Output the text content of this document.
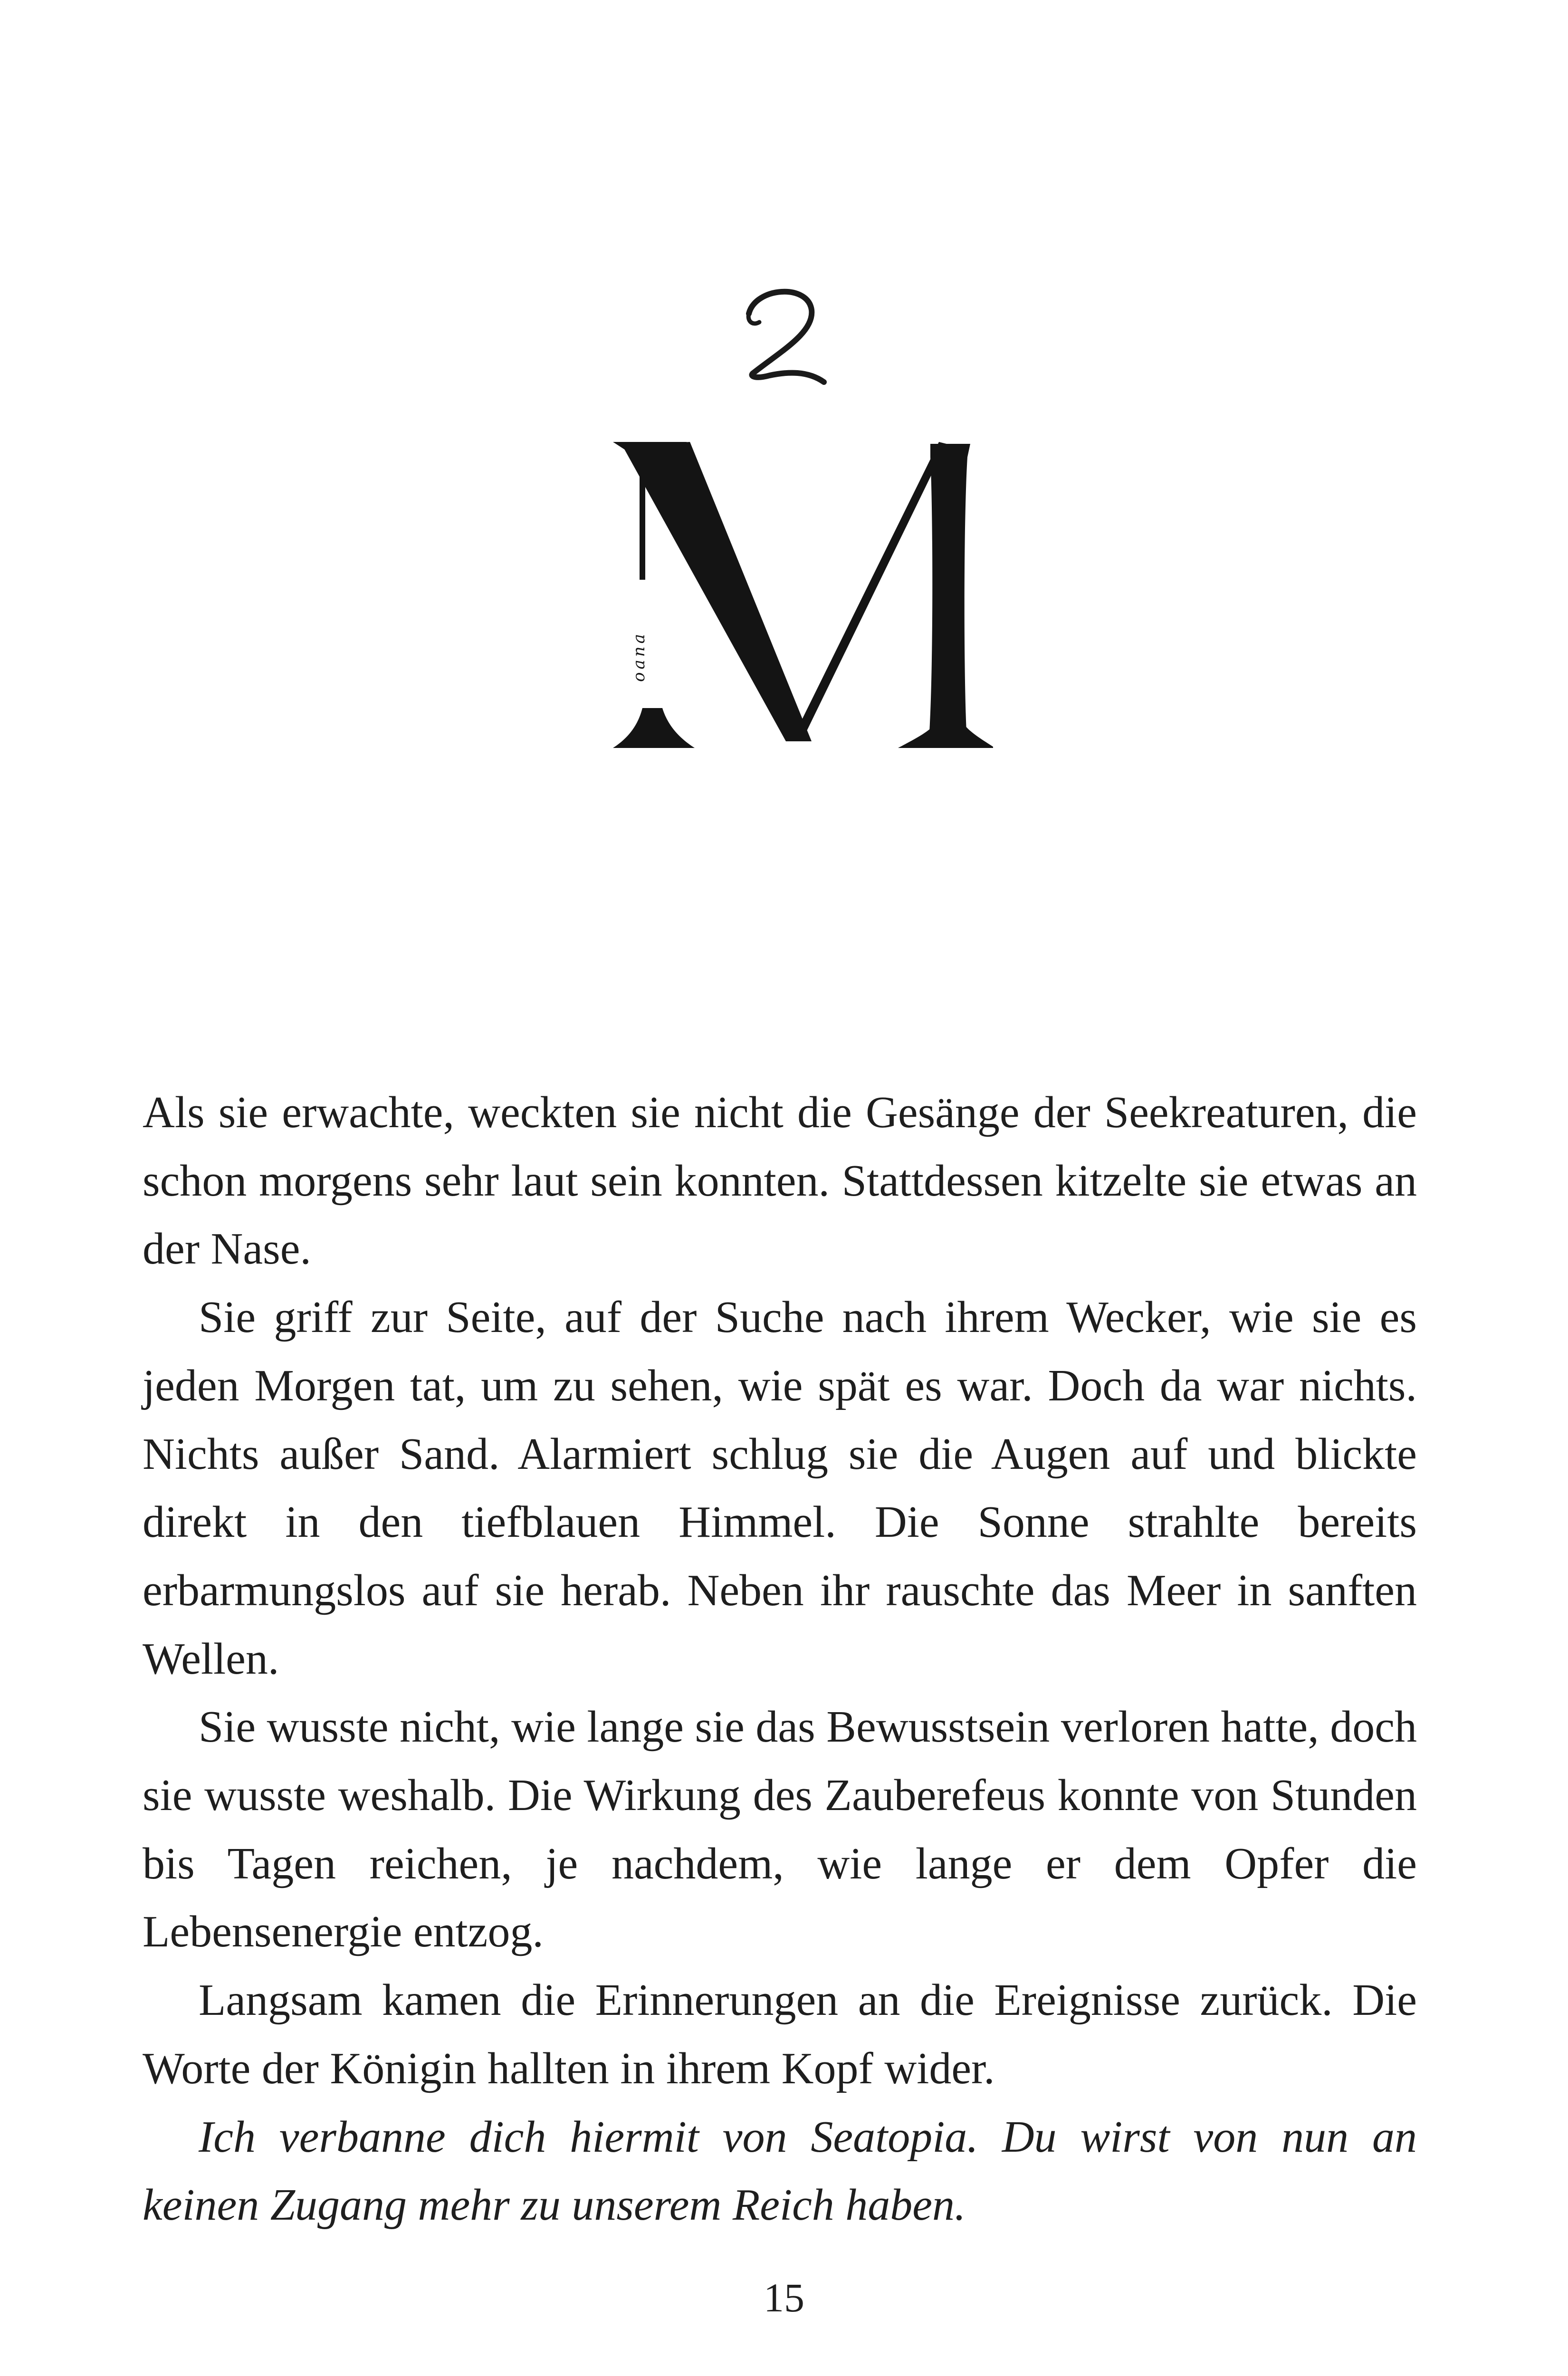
oana

Als sie erwachte, weckten sie nicht die Gesänge der Seekreaturen, die schon morgens sehr laut sein konnten. Stattdessen kitzelte sie etwas an der Nase.

Sie griff zur Seite, auf der Suche nach ihrem Wecker, wie sie es jeden Morgen tat, um zu sehen, wie spät es war. Doch da war nichts. Nichts außer Sand. Alarmiert schlug sie die Augen auf und blickte direkt in den tiefblauen Himmel. Die Sonne strahlte bereits erbarmungslos auf sie herab. Neben ihr rauschte das Meer in sanften Wellen.

Sie wusste nicht, wie lange sie das Bewusstsein verloren hatte, doch sie wusste weshalb. Die Wirkung des Zauberefeus konnte von Stunden bis Tagen reichen, je nachdem, wie lange er dem Opfer die Lebensenergie entzog.

Langsam kamen die Erinnerungen an die Ereignisse zurück. Die Worte der Königin hallten in ihrem Kopf wider.

Ich verbanne dich hiermit von Seatopia. Du wirst von nun an keinen Zugang mehr zu unserem Reich haben.

15
